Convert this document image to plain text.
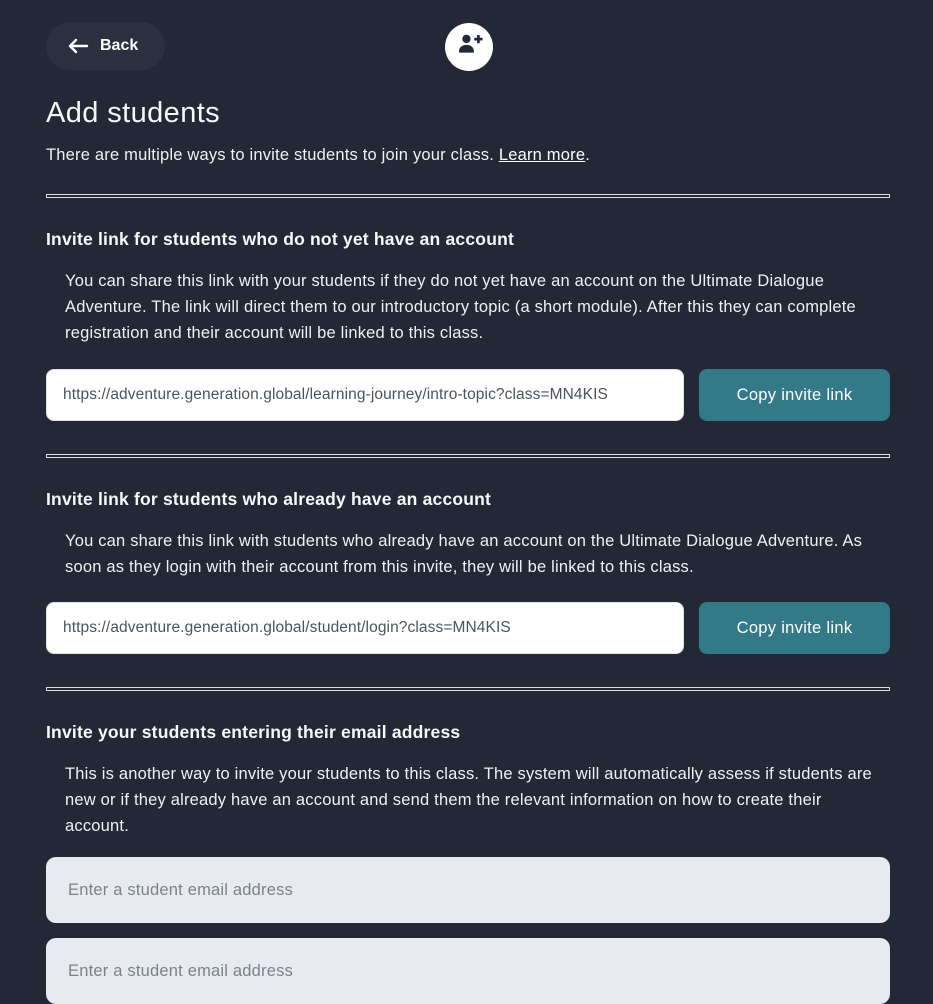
Back
Add students

There are multiple ways to invite students to join your class. Learn more.

Invite link for students who do not yet have an account

You can share this link with your students if they do not yet have an account on the Ultimate Dialogue Adventure. The link will direct them to our introductory topic (a short module). After this they can complete registration and their account will be linked to this class.

https://adventure.generation.global/learning-journey/intro-topic?class=MN4KIS
Copy invite link
Invite link for students who already have an account

You can share this link with students who already have an account on the Ultimate Dialogue Adventure. As soon as they login with their account from this invite, they will be linked to this class.

https://adventure.generation.global/student/login?class=MN4KIS
Copy invite link
Invite your students entering their email address

This is another way to invite your students to this class. The system will automatically assess if students are new or if they already have an account and send them the relevant information on how to create their account.

Enter a student email address
Enter a student email address
